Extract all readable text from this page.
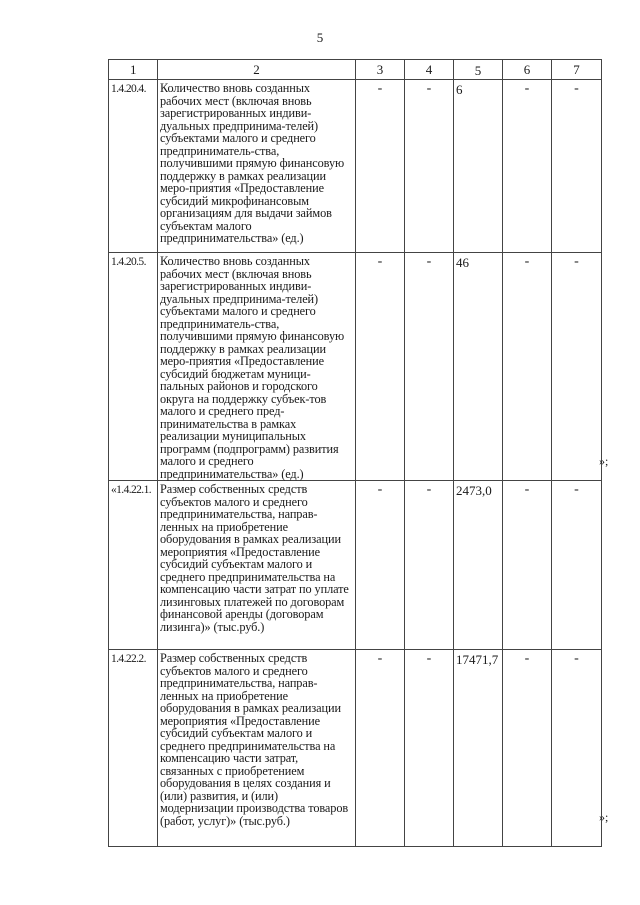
5
1	2	3	4	5	6	7
1.4.20.4.	Количество вновь созданных рабочих мест (включая вновь зарегистрированных индиви-дуальных предпринима-телей) субъектами малого и среднего предприниматель-ства, получившими прямую финансовую поддержку в рамках реализации меро-приятия «Предоставление субсидий микрофинансовым организациям для выдачи займов субъектам малого предпринимательства» (ед.)	-	-	6	-	-
1.4.20.5.	Количество вновь созданных рабочих мест (включая вновь зарегистрированных индиви-дуальных предпринима-телей) субъектами малого и среднего предприниматель-ства, получившими прямую финансовую поддержку в рамках реализации меро-приятия «Предоставление субсидий бюджетам муници-пальных районов и городского округа на поддержку субъек-тов малого и среднего пред-принимательства в рамках реализации муниципальных программ (подпрограмм) развития малого и среднего предпринимательства» (ед.)	-	-	46	-	-
«1.4.22.1.	Размер собственных средств субъектов малого и среднего предпринимательства, направ-ленных на приобретение оборудования в рамках реализации мероприятия «Предоставление субсидий субъектам малого и среднего предпринимательства на компенсацию части затрат по уплате лизинговых платежей по договорам финансовой аренды (договорам лизинга)» (тыс.руб.)	-	-	2473,0	-	-
1.4.22.2.	Размер собственных средств субъектов малого и среднего предпринимательства, направ-ленных на приобретение оборудования в рамках реализации мероприятия «Предоставление субсидий субъектам малого и среднего предпринимательства на компенсацию части затрат, связанных с приобретением оборудования в целях создания и (или) развития, и (или) модернизации производства товаров (работ, услуг)» (тыс.руб.)	-	-	17471,7	-	-
»;
»;
